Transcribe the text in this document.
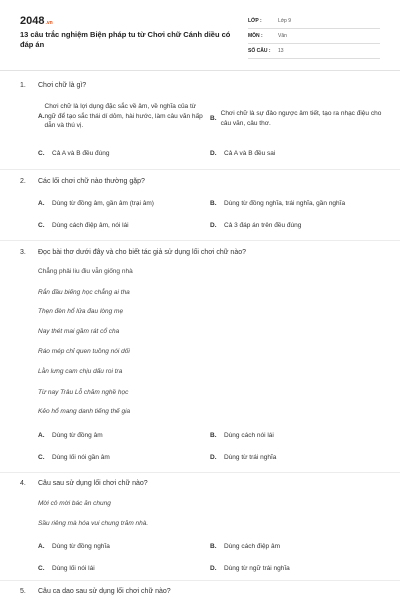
2048.vn
13 câu trắc nghiệm Biện pháp tu từ Chơi chữ Cánh diều có đáp án
LỚP :	Lớp 9
MÔN :	Văn
SỐ CÂU :	13
1.	Chơi chữ là gì?
A.
Chơi chữ là lợi dụng đặc sắc về âm, về nghĩa của từ ngữ để tạo sắc thái dí dỏm, hài hước, làm câu văn hấp dẫn và thú vị.
B.
Chơi chữ là sự đảo ngược âm tiết, tạo ra nhạc điệu cho câu văn, câu thơ.
C.	Cả A và B đều đúng	D.	Cả A và B đều sai
2.	Các lối chơi chữ nào thường gặp?
A.	Dùng từ đồng âm, gần âm (trại âm)	B.	Dùng từ đồng nghĩa, trái nghĩa, gần nghĩa
C.	Dùng cách điệp âm, nói lái	D.	Cả 3 đáp án trên đều đúng
3.	Đọc bài thơ dưới đây và cho biết tác giả sử dụng lối chơi chữ nào?
Chẳng phải liu điu vẫn giống nhà
Rắn đầu biếng học chẳng ai tha
Thẹn đèn hổ lửa đau lòng mẹ
Nay thét mai gầm rát cổ cha
Ráo mép chỉ quen tuồng nói dối
Lằn lưng cam chịu dấu roi tra
Từ nay Trâu Lỗ chăm nghề học
Kẻo hổ mang danh tiếng thế gia
A.	Dùng từ đồng âm	B.	Dùng cách nói lái
C.	Dùng lối nói gần âm	D.	Dùng từ trái nghĩa
4.	Câu sau sử dụng lối chơi chữ nào?
Mời cô mời bác ăn chung
Sầu riêng mà hóa vui chung trăm nhà.
A.	Dùng từ đồng nghĩa	B.	Dùng cách điệp âm
C.	Dùng lối nói lái	D.	Dùng từ ngữ trái nghĩa
5.	Câu ca dao sau sử dụng lối chơi chữ nào?
